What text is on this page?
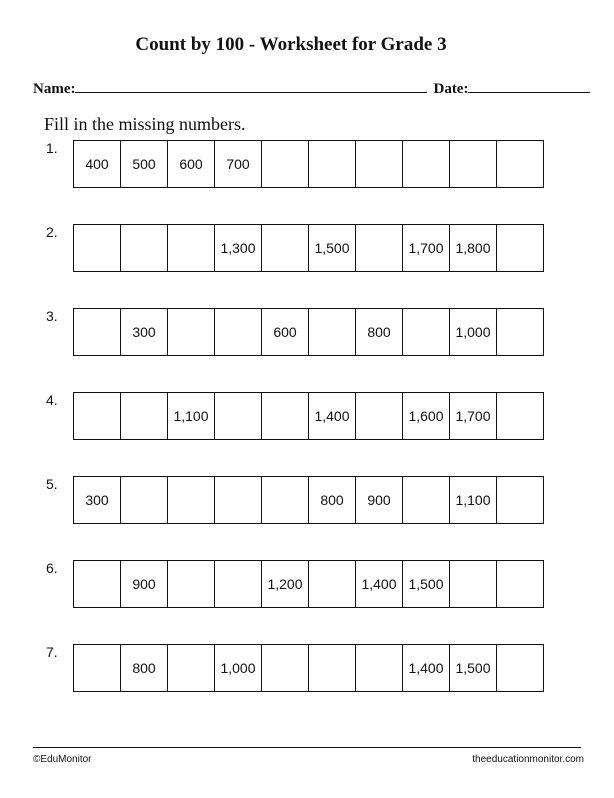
Count by 100 - Worksheet for Grade 3
Name:	Date:
Fill in the missing numbers.
1.
400	500	600	700
2.
1,300	1,500	1,700 1,800
3.
300	600	800	1,000
4.
1,100	1,400	1,600 1,700
5.
300	800	900	1,100
6.
900	1,200	1,400 1,500
7.
800	1,000	1,400 1,500
©EduMonitor	theeducationmonitor.com
